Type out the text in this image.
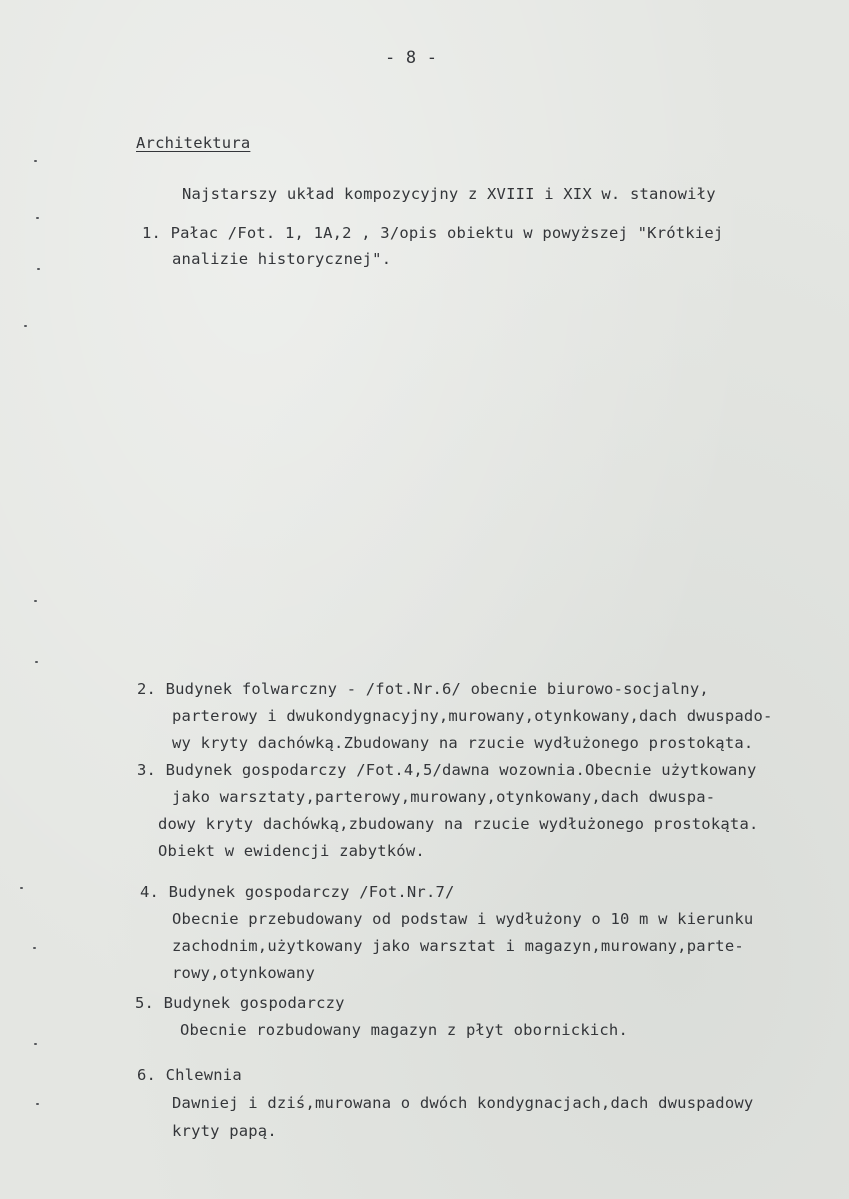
- 8 -
Architektura
Najstarszy układ kompozycyjny z XVIII i XIX w. stanowiły
1. Pałac /Fot. 1, 1A,2 , 3/opis obiektu w powyższej "Krótkiej
analizie historycznej".
2. Budynek folwarczny - /fot.Nr.6/ obecnie biurowo-socjalny,
parterowy i dwukondygnacyjny,murowany,otynkowany,dach dwuspado-
wy kryty dachówką.Zbudowany na rzucie wydłużonego prostokąta.
3. Budynek gospodarczy /Fot.4,5/dawna wozownia.Obecnie użytkowany
jako warsztaty,parterowy,murowany,otynkowany,dach dwuspa-
dowy kryty dachówką,zbudowany na rzucie wydłużonego prostokąta.
Obiekt w ewidencji zabytków.
4. Budynek gospodarczy /Fot.Nr.7/
Obecnie przebudowany od podstaw i wydłużony o 10 m w kierunku
zachodnim,użytkowany jako warsztat i magazyn,murowany,parte-
rowy,otynkowany
5. Budynek gospodarczy
Obecnie rozbudowany magazyn z płyt obornickich.
6. Chlewnia
Dawniej i dziś,murowana o dwóch kondygnacjach,dach dwuspadowy
kryty papą.
